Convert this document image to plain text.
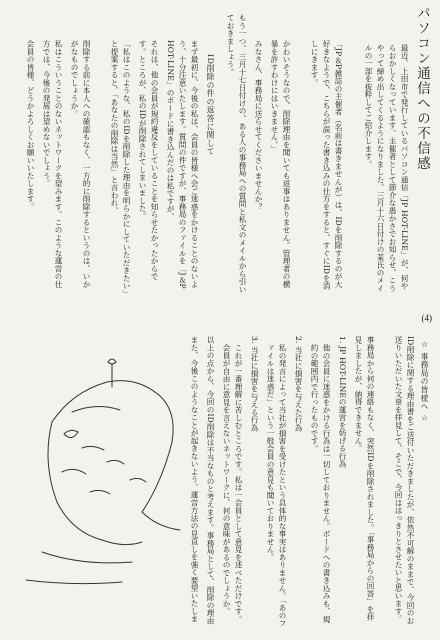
パソコン通信への不信感
最近、上田市で発行しているパソコン通信「JP HOT-LINE」が、何やらおかしくなっています。主催者として節介な愚かさでお知らせ、こうやって締め出してくるようになりました。三月十六日付けの某氏のメイルの一部を抜粋してご紹介します。
「JP＆P雑誌の主催者（名前は書きませんが）は、IDを削除するのが大好きなようで、こちらが誤った書き込みの仕方をすると、すぐにIDを消しにきます。
かわいそうなので、削除理由を聞いても返事はありません。管理者の横暴を許すわけにはいきません。」
みなさん、事務局に送らせてくださいませんか？
もう一つ、三月十七日付けの、ある人の事務局への質問と私文のメイルから引いておきましょう。
ID削除の件の返答に関して
まず最初に、今後の私は、会員の皆様へ会ご迷惑をかけることのないよう、十分注意いたします。質問の件ですが、事務局のファイルを「J＆P HOT-LINE」のボードに書き込んだのは私ですが、
それは、他の会員が規約違反をしていることを知らせたかったからです。ところが、私のIDが削除されてしまいました。
「私はこのような、私のIDを削除した理由を明らかにしていただきたい」と提案すると、「あなたの削除は当然」と言われ、
削除する前に本人への確認もなく、一方的に削除するというのは、いかがなものでしょうか。
私はこういうことのないネットワークを望みます。このような運営の仕方では、今後の発展は望めないでしょう。
会員の皆様、どうかよろしくお願いいたします。
(4)
☆ 事務局の皆様へ ☆
ID削除に関する理由書をご送付いただきましたが、依然不可解のままで、今回のお送りいただいた文章を拝見して、そこで、今回ははっきりとさせたいと思います。
事務局から何の連絡もなく、突然IDを削除されました。「事務局からの回答」を拝見しましたが、納得できません。
1. JP HOT-LINEの運営を妨げる行為
他の会員に迷惑をかける行為は一切しておりません。ボードへの書き込みも、規約の範囲内で行ったものです。
2. 当社に損害を与えた行為
私の発言によって当社が損害を受けたという具体的な事実はありません。「あのファイルは迷惑だ」という一般会員の意見も聞いておりません。
3. 当社に損害を与える行為
これが一番理解に苦しむところです。私は一会員として意見を述べただけです。会員が自由に意見を言えないネットワークに、何の意味があるのでしょうか。
以上の点から、今回のID削除は不当なものと考えます。事務局として、削除の理由
また、今後このようなことが起きないよう、運営方法の見直しを強く要望いたしま
